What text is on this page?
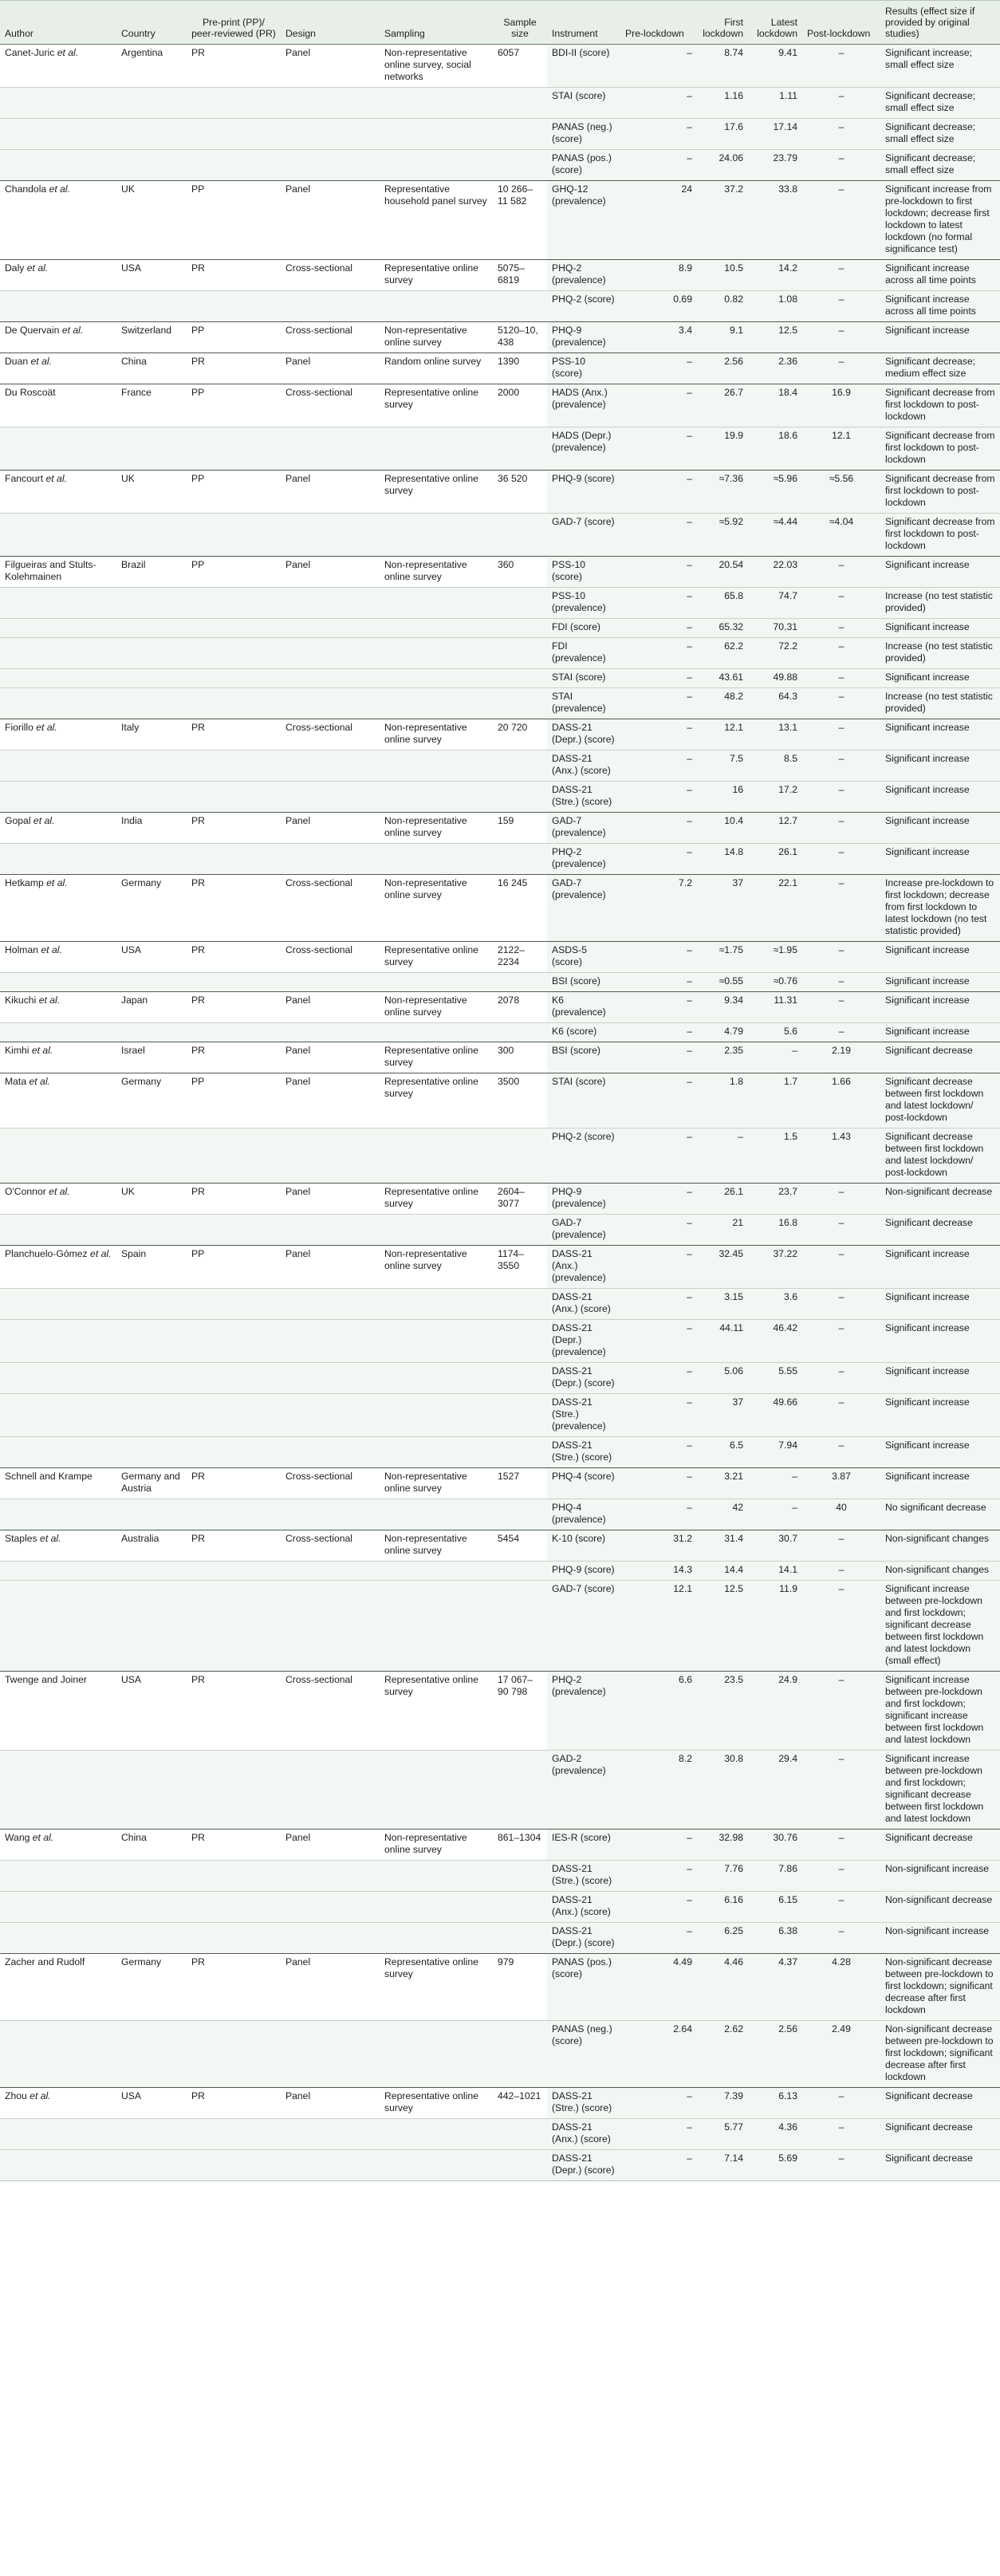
Author	Country	Pre-print (PP)/ peer-reviewed (PR)	Design	Sampling	Sample size	Instrument	Pre-lockdown	First lockdown	Latest lockdown	Post-lockdown	Results (effect size if provided by original studies)
Canet-Juric et al.	Argentina	PR	Panel	Non-representative online survey, social networks	6057	BDI-II (score)	–	8.74	9.41	–	Significant increase; small effect size
						STAI (score)	–	1.16	1.11	–	Significant decrease; small effect size
						PANAS (neg.) (score)	–	17.6	17.14	–	Significant decrease; small effect size
						PANAS (pos.) (score)	–	24.06	23.79	–	Significant decrease; small effect size
Chandola et al.	UK	PP	Panel	Representative household panel survey	10 266–11 582	GHQ-12 (prevalence)	24	37.2	33.8	–	Significant increase from pre-lockdown to first lockdown; decrease first lockdown to latest lockdown (no formal significance test)
Daly et al.	USA	PR	Cross-sectional	Representative online survey	5075–6819	PHQ-2 (prevalence)	8.9	10.5	14.2	–	Significant increase across all time points
						PHQ-2 (score)	0.69	0.82	1.08	–	Significant increase across all time points
De Quervain et al.	Switzerland	PP	Cross-sectional	Non-representative online survey	5120–10, 438	PHQ-9 (prevalence)	3.4	9.1	12.5	–	Significant increase
Duan et al.	China	PR	Panel	Random online survey	1390	PSS-10 (score)	–	2.56	2.36	–	Significant decrease; medium effect size
Du Roscoät	France	PP	Cross-sectional	Representative online survey	2000	HADS (Anx.) (prevalence)	–	26.7	18.4	16.9	Significant decrease from first lockdown to post-lockdown
						HADS (Depr.) (prevalence)	–	19.9	18.6	12.1	Significant decrease from first lockdown to post-lockdown
Fancourt et al.	UK	PP	Panel	Representative online survey	36 520	PHQ-9 (score)	–	≈7.36	≈5.96	≈5.56	Significant decrease from first lockdown to post-lockdown
						GAD-7 (score)	–	≈5.92	≈4.44	≈4.04	Significant decrease from first lockdown to post-lockdown
Filgueiras and Stults-Kolehmainen	Brazil	PP	Panel	Non-representative online survey	360	PSS-10 (score)	–	20.54	22.03	–	Significant increase
						PSS-10 (prevalence)	–	65.8	74.7	–	Increase (no test statistic provided)
						FDI (score)	–	65.32	70.31	–	Significant increase
						FDI (prevalence)	–	62.2	72.2	–	Increase (no test statistic provided)
						STAI (score)	–	43.61	49.88	–	Significant increase
						STAI (prevalence)	–	48.2	64.3	–	Increase (no test statistic provided)
Fiorillo et al.	Italy	PR	Cross-sectional	Non-representative online survey	20 720	DASS-21 (Depr.) (score)	–	12.1	13.1	–	Significant increase
						DASS-21 (Anx.) (score)	–	7.5	8.5	–	Significant increase
						DASS-21 (Stre.) (score)	–	16	17.2	–	Significant increase
Gopal et al.	India	PR	Panel	Non-representative online survey	159	GAD-7 (prevalence)	–	10.4	12.7	–	Significant increase
						PHQ-2 (prevalence)	–	14.8	26.1	–	Significant increase
Hetkamp et al.	Germany	PR	Cross-sectional	Non-representative online survey	16 245	GAD-7 (prevalence)	7.2	37	22.1	–	Increase pre-lockdown to first lockdown; decrease from first lockdown to latest lockdown (no test statistic provided)
Holman et al.	USA	PR	Cross-sectional	Representative online survey	2122–2234	ASDS-5 (score)	–	≈1.75	≈1.95	–	Significant increase
						BSI (score)	–	≈0.55	≈0.76	–	Significant increase
Kikuchi et al.	Japan	PR	Panel	Non-representative online survey	2078	K6 (prevalence)	–	9.34	11.31	–	Significant increase
						K6 (score)	–	4.79	5.6	–	Significant increase
Kimhi et al.	Israel	PR	Panel	Representative online survey	300	BSI (score)	–	2.35	–	2.19	Significant decrease
Mata et al.	Germany	PP	Panel	Representative online survey	3500	STAI (score)	–	1.8	1.7	1.66	Significant decrease between first lockdown and latest lockdown/ post-lockdown
						PHQ-2 (score)	–	–	1.5	1.43	Significant decrease between first lockdown and latest lockdown/ post-lockdown
O'Connor et al.	UK	PR	Panel	Representative online survey	2604–3077	PHQ-9 (prevalence)	–	26.1	23.7	–	Non-significant decrease
						GAD-7 (prevalence)	–	21	16.8	–	Significant decrease
Planchuelo-Gómez et al.	Spain	PP	Panel	Non-representative online survey	1174–3550	DASS-21 (Anx.) (prevalence)	–	32.45	37.22	–	Significant increase
						DASS-21 (Anx.) (score)	–	3.15	3.6	–	Significant increase
						DASS-21 (Depr.) (prevalence)	–	44.11	46.42	–	Significant increase
						DASS-21 (Depr.) (score)	–	5.06	5.55	–	Significant increase
						DASS-21 (Stre.) (prevalence)	–	37	49.66	–	Significant increase
						DASS-21 (Stre.) (score)	–	6.5	7.94	–	Significant increase
Schnell and Krampe	Germany and Austria	PR	Cross-sectional	Non-representative online survey	1527	PHQ-4 (score)	–	3.21	–	3.87	Significant increase
						PHQ-4 (prevalence)	–	42	–	40	No significant decrease
Staples et al.	Australia	PR	Cross-sectional	Non-representative online survey	5454	K-10 (score)	31.2	31.4	30.7	–	Non-significant changes
						PHQ-9 (score)	14.3	14.4	14.1	–	Non-significant changes
						GAD-7 (score)	12.1	12.5	11.9	–	Significant increase between pre-lockdown and first lockdown; significant decrease between first lockdown and latest lockdown (small effect)
Twenge and Joiner	USA	PR	Cross-sectional	Representative online survey	17 067–90 798	PHQ-2 (prevalence)	6.6	23.5	24.9	–	Significant increase between pre-lockdown and first lockdown; significant increase between first lockdown and latest lockdown
						GAD-2 (prevalence)	8.2	30.8	29.4	–	Significant increase between pre-lockdown and first lockdown; significant decrease between first lockdown and latest lockdown
Wang et al.	China	PR	Panel	Non-representative online survey	861–1304	IES-R (score)	–	32.98	30.76	–	Significant decrease
						DASS-21 (Stre.) (score)	–	7.76	7.86	–	Non-significant increase
						DASS-21 (Anx.) (score)	–	6.16	6.15	–	Non-significant decrease
						DASS-21 (Depr.) (score)	–	6.25	6.38	–	Non-significant increase
Zacher and Rudolf	Germany	PR	Panel	Representative online survey	979	PANAS (pos.) (score)	4.49	4.46	4.37	4.28	Non-significant decrease between pre-lockdown to first lockdown; significant decrease after first lockdown
						PANAS (neg.) (score)	2.64	2.62	2.56	2.49	Non-significant decrease between pre-lockdown to first lockdown; significant decrease after first lockdown
Zhou et al.	USA	PR	Panel	Representative online survey	442–1021	DASS-21 (Stre.) (score)	–	7.39	6.13	–	Significant decrease
						DASS-21 (Anx.) (score)	–	5.77	4.36	–	Significant decrease
						DASS-21 (Depr.) (score)	–	7.14	5.69	–	Significant decrease
